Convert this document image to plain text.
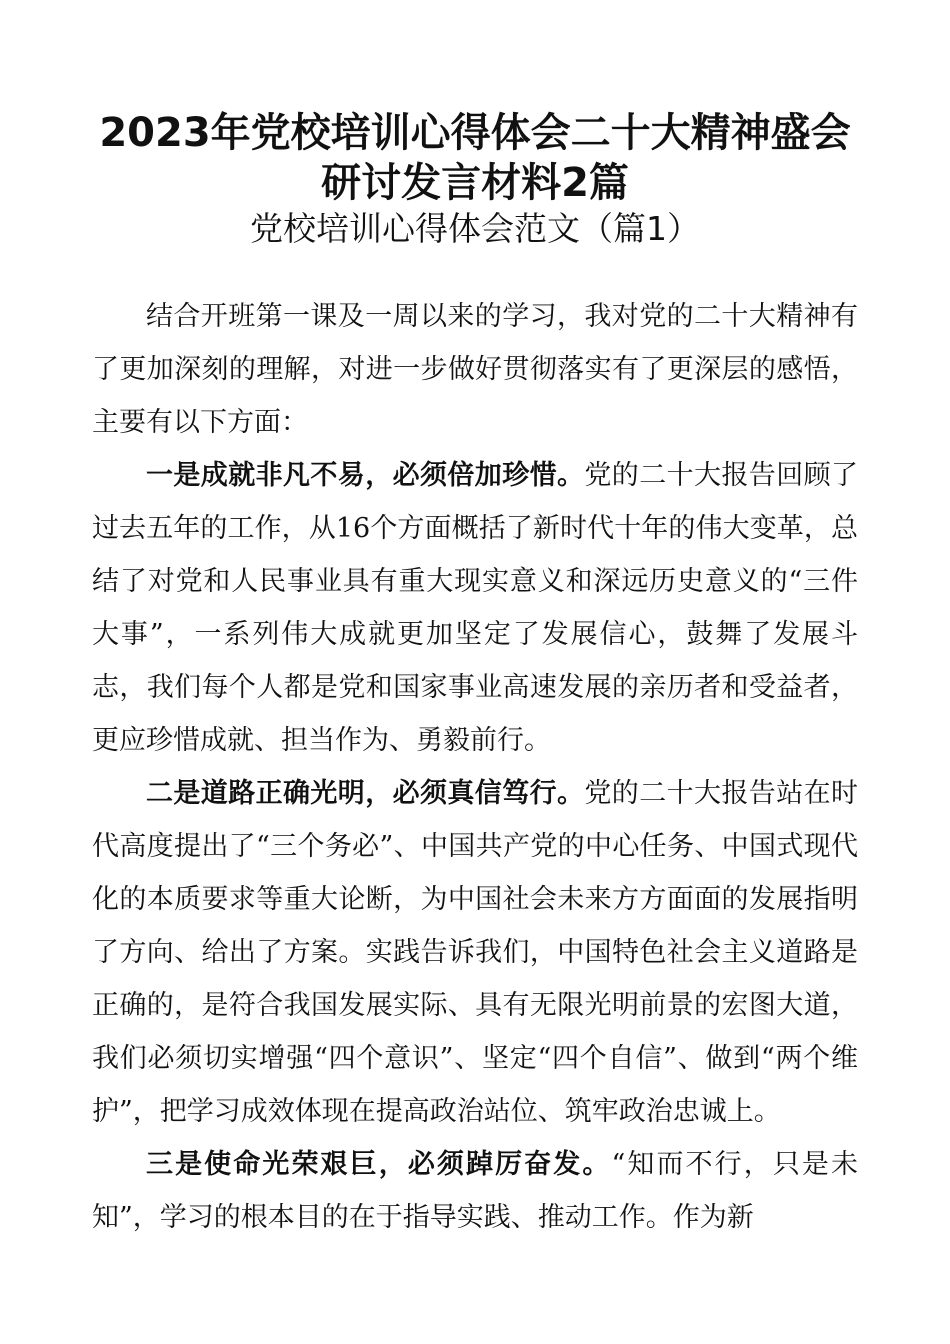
2023年党校培训心得体会二十大精神盛会
研讨发言材料2篇
党校培训心得体会范文（篇1）

结合开班第一课及一周以来的学习，我对党的二十大精神有了更加深刻的理解，对进一步做好贯彻落实有了更深层的感悟，主要有以下方面：

一是成就非凡不易，必须倍加珍惜。党的二十大报告回顾了过去五年的工作，从16个方面概括了新时代十年的伟大变革，总结了对党和人民事业具有重大现实意义和深远历史意义的“三件大事”，一系列伟大成就更加坚定了发展信心，鼓舞了发展斗志，我们每个人都是党和国家事业高速发展的亲历者和受益者，更应珍惜成就、担当作为、勇毅前行。

二是道路正确光明，必须真信笃行。党的二十大报告站在时代高度提出了“三个务必”、中国共产党的中心任务、中国式现代化的本质要求等重大论断，为中国社会未来方方面面的发展指明了方向、给出了方案。实践告诉我们，中国特色社会主义道路是正确的，是符合我国发展实际、具有无限光明前景的宏图大道，我们必须切实增强“四个意识”、坚定“四个自信”、做到“两个维护”，把学习成效体现在提高政治站位、筑牢政治忠诚上。

三是使命光荣艰巨，必须踔厉奋发。“知而不行，只是未知”，学习的根本目的在于指导实践、推动工作。作为新
